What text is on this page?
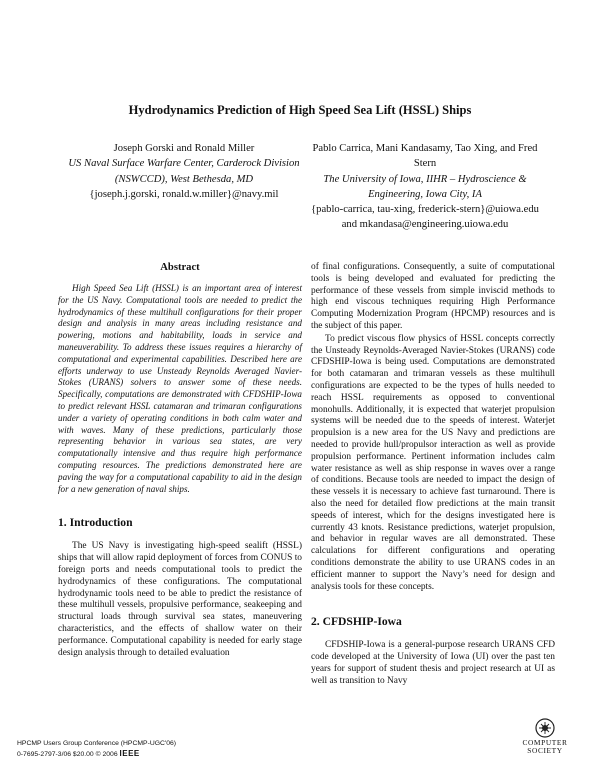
Hydrodynamics Prediction of High Speed Sea Lift (HSSL) Ships
Joseph Gorski and Ronald Miller
US Naval Surface Warfare Center, Carderock Division (NSWCCD), West Bethesda, MD
{joseph.j.gorski, ronald.w.miller}@navy.mil
Pablo Carrica, Mani Kandasamy, Tao Xing, and Fred Stern
The University of Iowa, IIHR – Hydroscience & Engineering, Iowa City, IA
{pablo-carrica, tau-xing, frederick-stern}@uiowa.edu and mkandasa@engineering.uiowa.edu
Abstract

High Speed Sea Lift (HSSL) is an important area of interest for the US Navy. Computational tools are needed to predict the hydrodynamics of these multihull configurations for their proper design and analysis in many areas including resistance and powering, motions and habitability, loads in service and maneuverability. To address these issues requires a hierarchy of computational and experimental capabilities. Described here are efforts underway to use Unsteady Reynolds Averaged Navier-Stokes (URANS) solvers to answer some of these needs. Specifically, computations are demonstrated with CFDSHIP-Iowa to predict relevant HSSL catamaran and trimaran configurations under a variety of operating conditions in both calm water and with waves. Many of these predictions, particularly those representing behavior in various sea states, are very computationally intensive and thus require high performance computing resources. The predictions demonstrated here are paving the way for a computational capability to aid in the design for a new generation of naval ships.

1. Introduction

The US Navy is investigating high-speed sealift (HSSL) ships that will allow rapid deployment of forces from CONUS to foreign ports and needs computational tools to predict the hydrodynamics of these configurations. The computational hydrodynamic tools need to be able to predict the resistance of these multihull vessels, propulsive performance, seakeeping and structural loads through survival sea states, maneuvering characteristics, and the effects of shallow water on their performance. Computational capability is needed for early stage design analysis through to detailed evaluation

of final configurations. Consequently, a suite of computational tools is being developed and evaluated for predicting the performance of these vessels from simple inviscid methods to high end viscous techniques requiring High Performance Computing Modernization Program (HPCMP) resources and is the subject of this paper.

To predict viscous flow physics of HSSL concepts correctly the Unsteady Reynolds-Averaged Navier-Stokes (URANS) code CFDSHIP-Iowa is being used. Computations are demonstrated for both catamaran and trimaran vessels as these multihull configurations are expected to be the types of hulls needed to reach HSSL requirements as opposed to conventional monohulls. Additionally, it is expected that waterjet propulsion systems will be needed due to the speeds of interest. Waterjet propulsion is a new area for the US Navy and predictions are needed to provide hull/propulsor interaction as well as provide propulsion performance. Pertinent information includes calm water resistance as well as ship response in waves over a range of conditions. Because tools are needed to impact the design of these vessels it is necessary to achieve fast turnaround. There is also the need for detailed flow predictions at the main transit speeds of interest, which for the designs investigated here is currently 43 knots. Resistance predictions, waterjet propulsion, and behavior in regular waves are all demonstrated. These calculations for different configurations and operating conditions demonstrate the ability to use URANS codes in an efficient manner to support the Navy’s need for design and analysis tools for these concepts.

2. CFDSHIP-Iowa

CFDSHIP-Iowa is a general-purpose research URANS CFD code developed at the University of Iowa (UI) over the past ten years for support of student thesis and project research at UI as well as transition to Navy

HPCMP Users Group Conference (HPCMP-UGC'06)
0-7695-2797-3/06 $20.00 © 2006 IEEE
COMPUTER
SOCIETY
